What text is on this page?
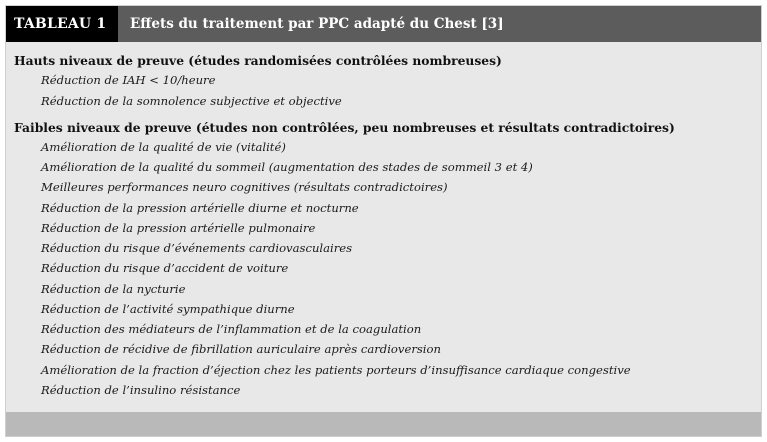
TABLEAU 1	Effets du traitement par PPC adapté du Chest [3]
Hauts niveaux de preuve (études randomisées contrôlées nombreuses)
Réduction de IAH < 10/heure
Réduction de la somnolence subjective et objective
Faibles niveaux de preuve (études non contrôlées, peu nombreuses et résultats contradictoires)
Amélioration de la qualité de vie (vitalité)
Amélioration de la qualité du sommeil (augmentation des stades de sommeil 3 et 4)
Meilleures performances neuro cognitives (résultats contradictoires)
Réduction de la pression artérielle diurne et nocturne
Réduction de la pression artérielle pulmonaire
Réduction du risque d’événements cardiovasculaires
Réduction du risque d’accident de voiture
Réduction de la nycturie
Réduction de l’activité sympathique diurne
Réduction des médiateurs de l’inflammation et de la coagulation
Réduction de récidive de fibrillation auriculaire après cardioversion
Amélioration de la fraction d’éjection chez les patients porteurs d’insuffisance cardiaque congestive
Réduction de l’insulino résistance
